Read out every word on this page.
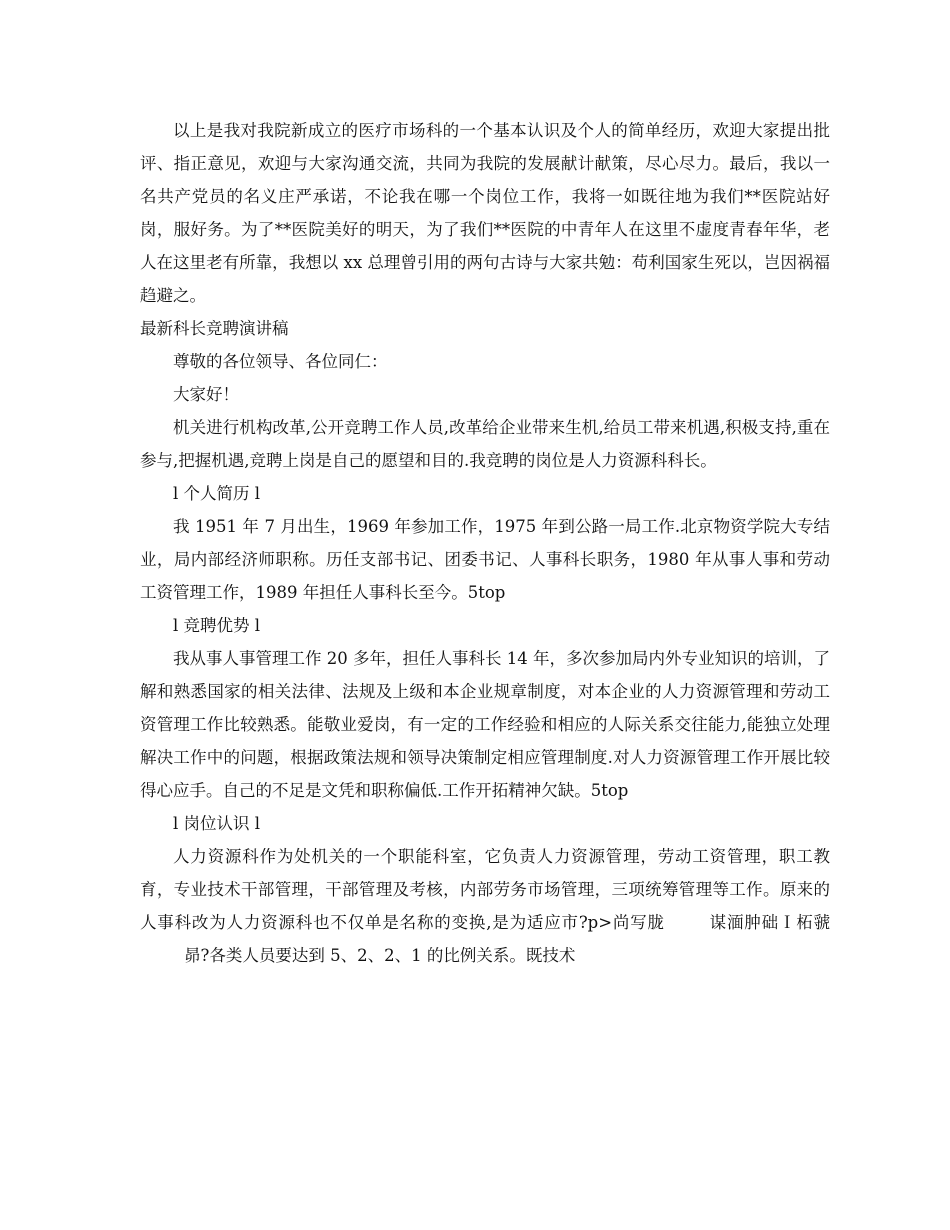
以上是我对我院新成立的医疗市场科的一个基本认识及个人的简单经历，欢迎大家提出批评、指正意见，欢迎与大家沟通交流，共同为我院的发展献计献策，尽心尽力。最后，我以一名共产党员的名义庄严承诺，不论我在哪一个岗位工作，我将一如既往地为我们**医院站好岗，服好务。为了**医院美好的明天，为了我们**医院的中青年人在这里不虚度青春年华，老人在这里老有所靠，我想以 xx 总理曾引用的两句古诗与大家共勉：苟利国家生死以，岂因祸福趋避之。

最新科长竞聘演讲稿

尊敬的各位领导、各位同仁：

大家好！

机关进行机构改革,公开竞聘工作人员,改革给企业带来生机,给员工带来机遇,积极支持,重在参与,把握机遇,竞聘上岗是自己的愿望和目的.我竞聘的岗位是人力资源科科长。

l 个人简历 l

我 1951 年 7 月出生，1969 年参加工作，1975 年到公路一局工作.北京物资学院大专结业，局内部经济师职称。历任支部书记、团委书记、人事科长职务，1980 年从事人事和劳动工资管理工作，1989 年担任人事科长至今。5top

l 竞聘优势 l

我从事人事管理工作 20 多年，担任人事科长 14 年，多次参加局内外专业知识的培训，了解和熟悉国家的相关法律、法规及上级和本企业规章制度，对本企业的人力资源管理和劳动工资管理工作比较熟悉。能敬业爱岗，有一定的工作经验和相应的人际关系交往能力,能独立处理解决工作中的问题，根据政策法规和领导决策制定相应管理制度.对人力资源管理工作开展比较得心应手。自己的不足是文凭和职称偏低.工作开拓精神欠缺。5top

l 岗位认识 l

人力资源科作为处机关的一个职能科室，它负责人力资源管理，劳动工资管理，职工教育，专业技术干部管理，干部管理及考核，内部劳务市场管理，三项统筹管理等工作。原来的人事科改为人力资源科也不仅单是名称的变换,是为适应市?p>尚写胧	谋湎肿础Ｉ柘虢昴?各类人员要达到 5、2、2、1 的比例关系。既技术
